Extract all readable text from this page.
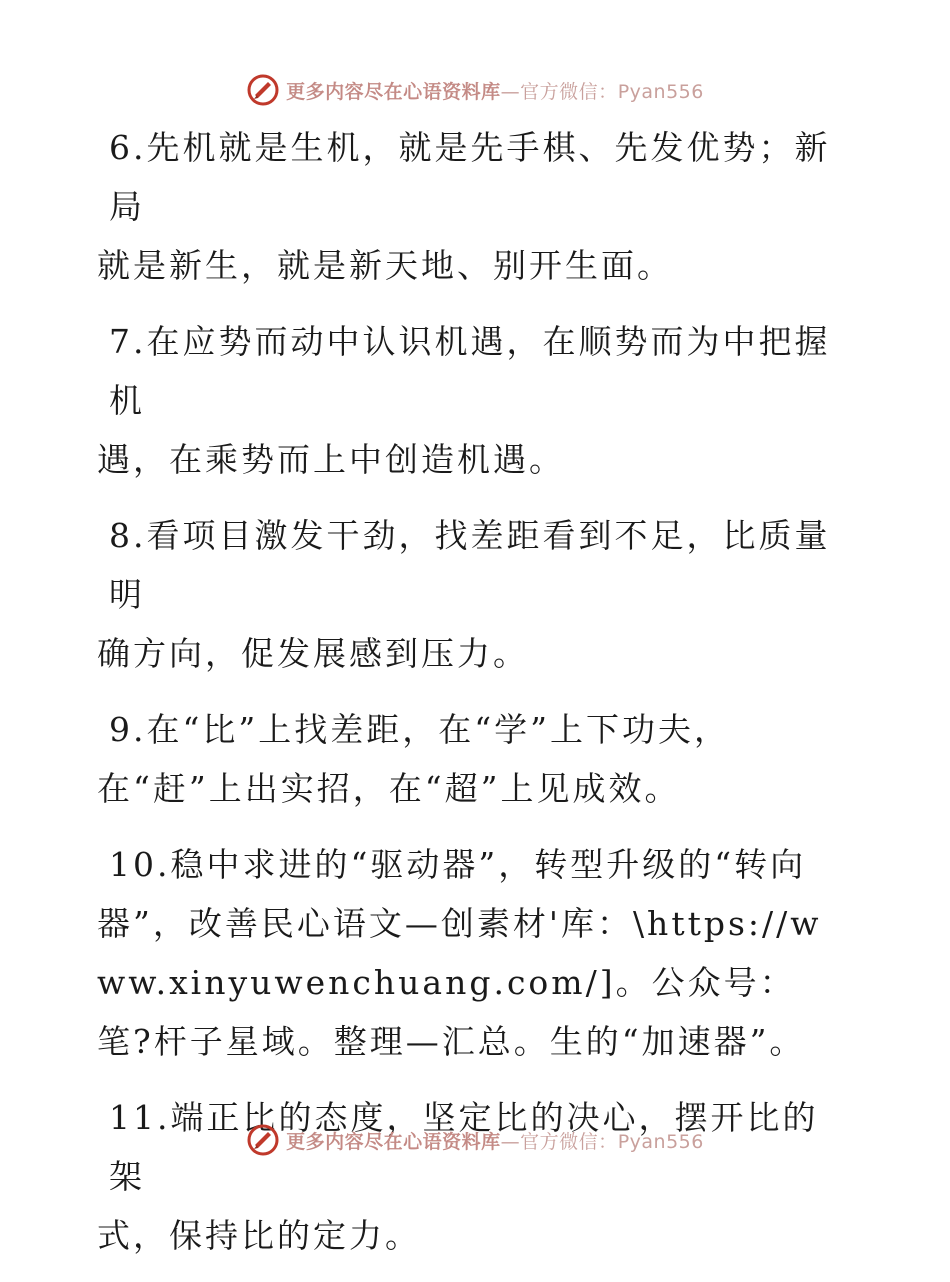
更多内容尽在心语资料库—官方微信：Pyan556

6.先机就是生机，就是先手棋、先发优势；新局
就是新生，就是新天地、别开生面。

7.在应势而动中认识机遇，在顺势而为中把握机
遇，在乘势而上中创造机遇。

8.看项目激发干劲，找差距看到不足，比质量明
确方向，促发展感到压力。

9.在“比”上找差距，在“学”上下功夫，
在“赶”上出实招，在“超”上见成效。

10.稳中求进的“驱动器”，转型升级的“转向
器”，改善民心语文—创素材'库：\https://www.xinyuwenchuang.com/]。公众号：笔?杆子星域。整理—汇总。生的“加速器”。

11.端正比的态度，坚定比的决心，摆开比的架
式，保持比的定力。

更多内容尽在心语资料库—官方微信：Pyan556
